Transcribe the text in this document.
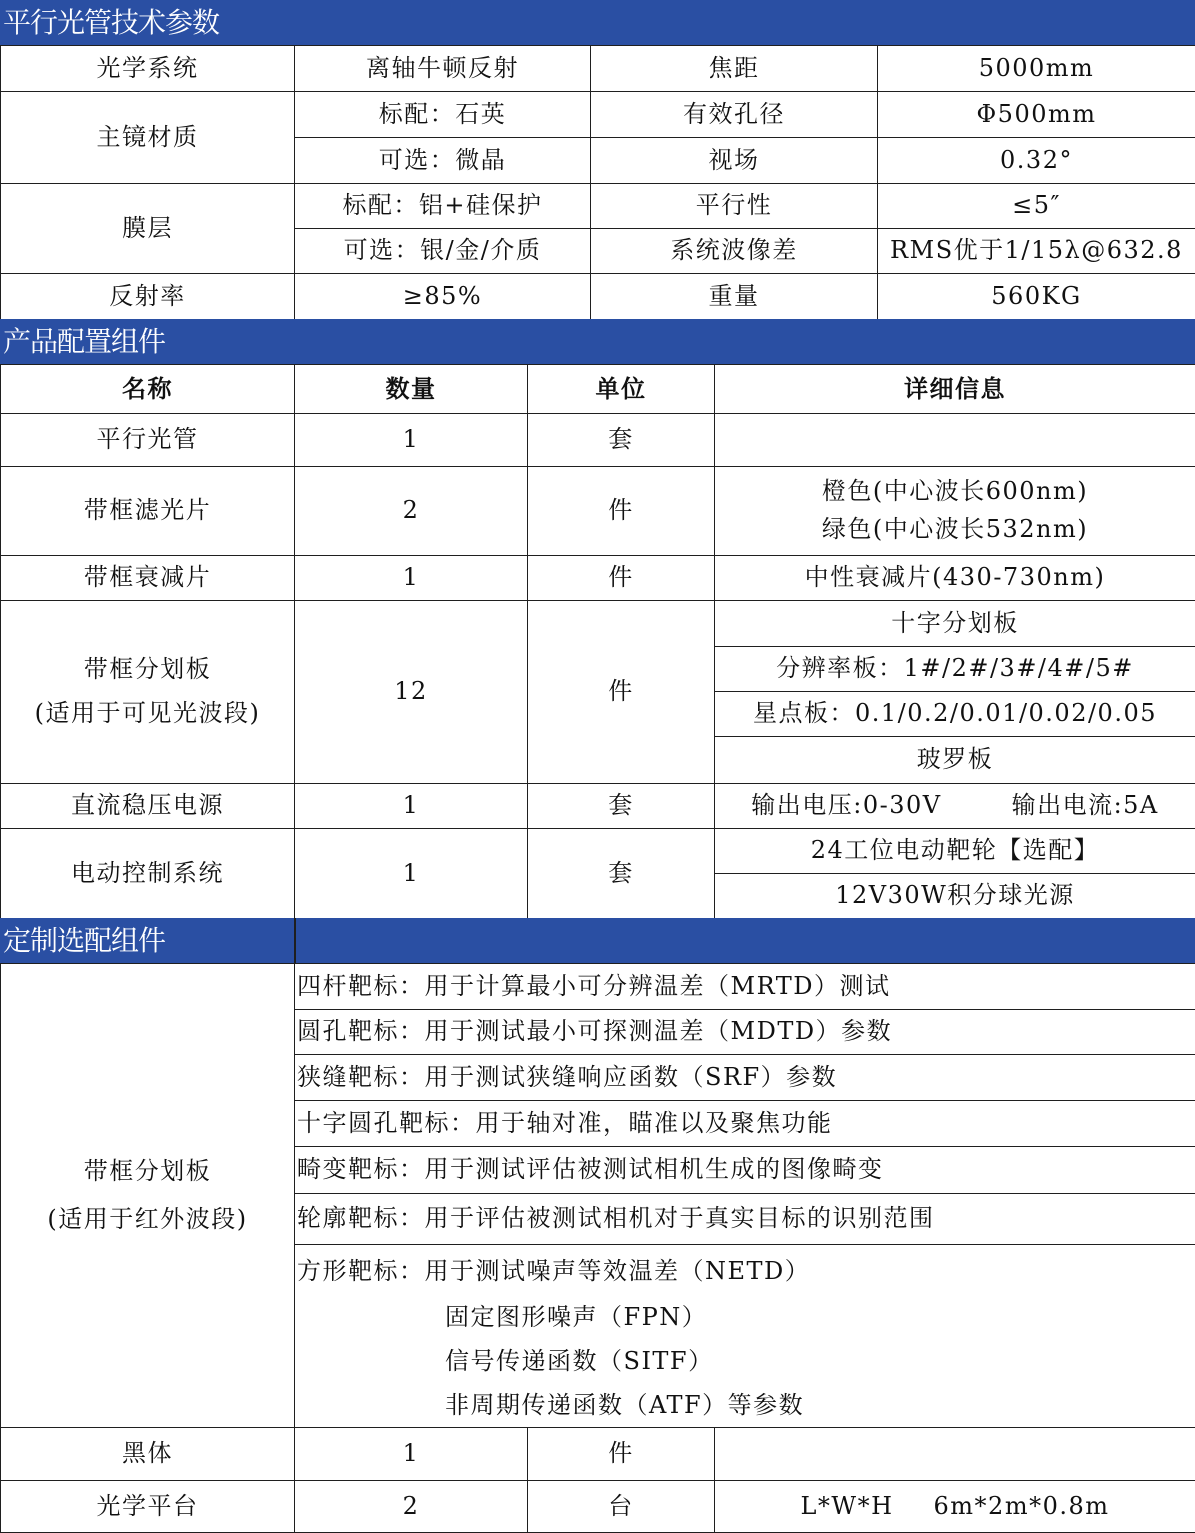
平行光管技术参数
光学系统	离轴牛顿反射	焦距	5000mm
主镜材质	标配：石英	有效孔径	Φ500mm
	可选：微晶	视场	0.32°
膜层	标配：铝+硅保护	平行性	≤5″
	可选：银/金/介质	系统波像差	RMS优于1/15λ@632.8
反射率	≥85%	重量	560KG
产品配置组件
名称	数量	单位	详细信息
平行光管	1	套	
带框滤光片	2	件	橙色(中心波长600nm)
绿色(中心波长532nm)

带框衰减片	1	件	中性衰减片(430-730nm)

带框分划板
(适用于可见光波段)	12	件	十字分划板
			分辨率板：1#/2#/3#/4#/5#
			星点板：0.1/0.2/0.01/0.02/0.05
			玻罗板
直流稳压电源	1	套	输出电压:0-30V 输出电流:5A
电动控制系统	1	套	24工位电动靶轮【选配】
			12V30W积分球光源
定制选配组件
带框分划板
(适用于红外波段)	四杆靶标：用于计算最小可分辨温差（MRTD）测试		
	圆孔靶标：用于测试最小可探测温差（MDTD）参数		
	狭缝靶标：用于测试狭缝响应函数（SRF）参数		
	十字圆孔靶标：用于轴对准，瞄准以及聚焦功能		
	畸变靶标：用于测试评估被测试相机生成的图像畸变		
	轮廓靶标：用于评估被测试相机对于真实目标的识别范围		

	方形靶标：用于测试噪声等效温差（NETD）
固定图形噪声（FPN）
信号传递函数（SITF）
非周期传递函数（ATF）等参数		

黑体	1	件	
光学平台	2	台	L*W*H 6m*2m*0.8m
